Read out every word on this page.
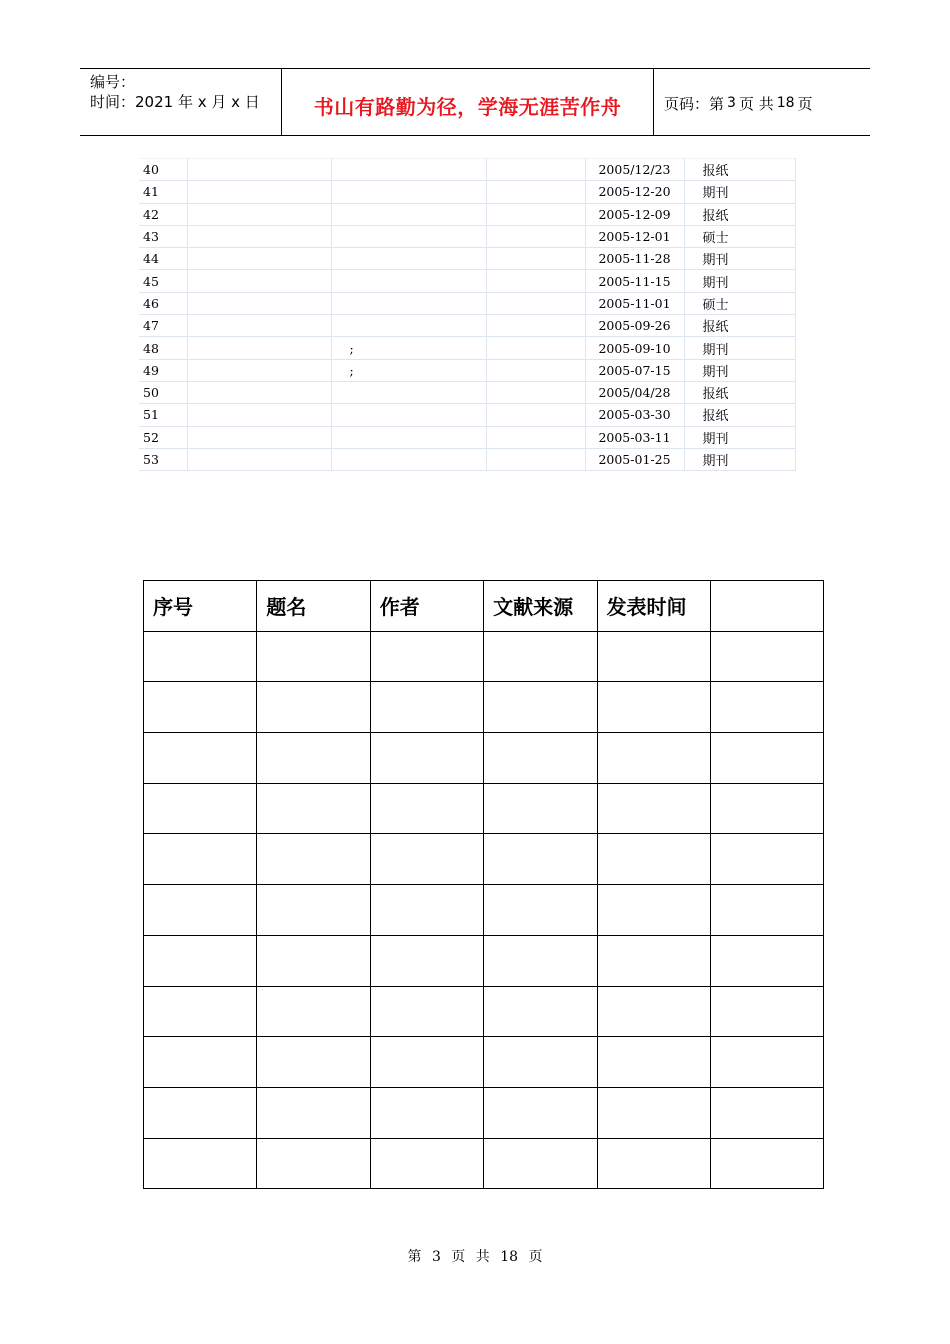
编号：
时间：2021 年 x 月 x 日	书山有路勤为径，学海无涯苦作舟	页码：第 3 页 共 18 页
40				2005/12/23	报纸
41				2005-12-20	期刊
42				2005-12-09	报纸
43				2005-12-01	硕士
44				2005-11-28	期刊
45				2005-11-15	期刊
46				2005-11-01	硕士
47				2005-09-26	报纸
48		;		2005-09-10	期刊
49		;		2005-07-15	期刊
50				2005/04/28	报纸
51				2005-03-30	报纸
52				2005-03-11	期刊
53				2005-01-25	期刊
序号	题名	作者	文献来源	发表时间	

第 3 页 共 18 页
